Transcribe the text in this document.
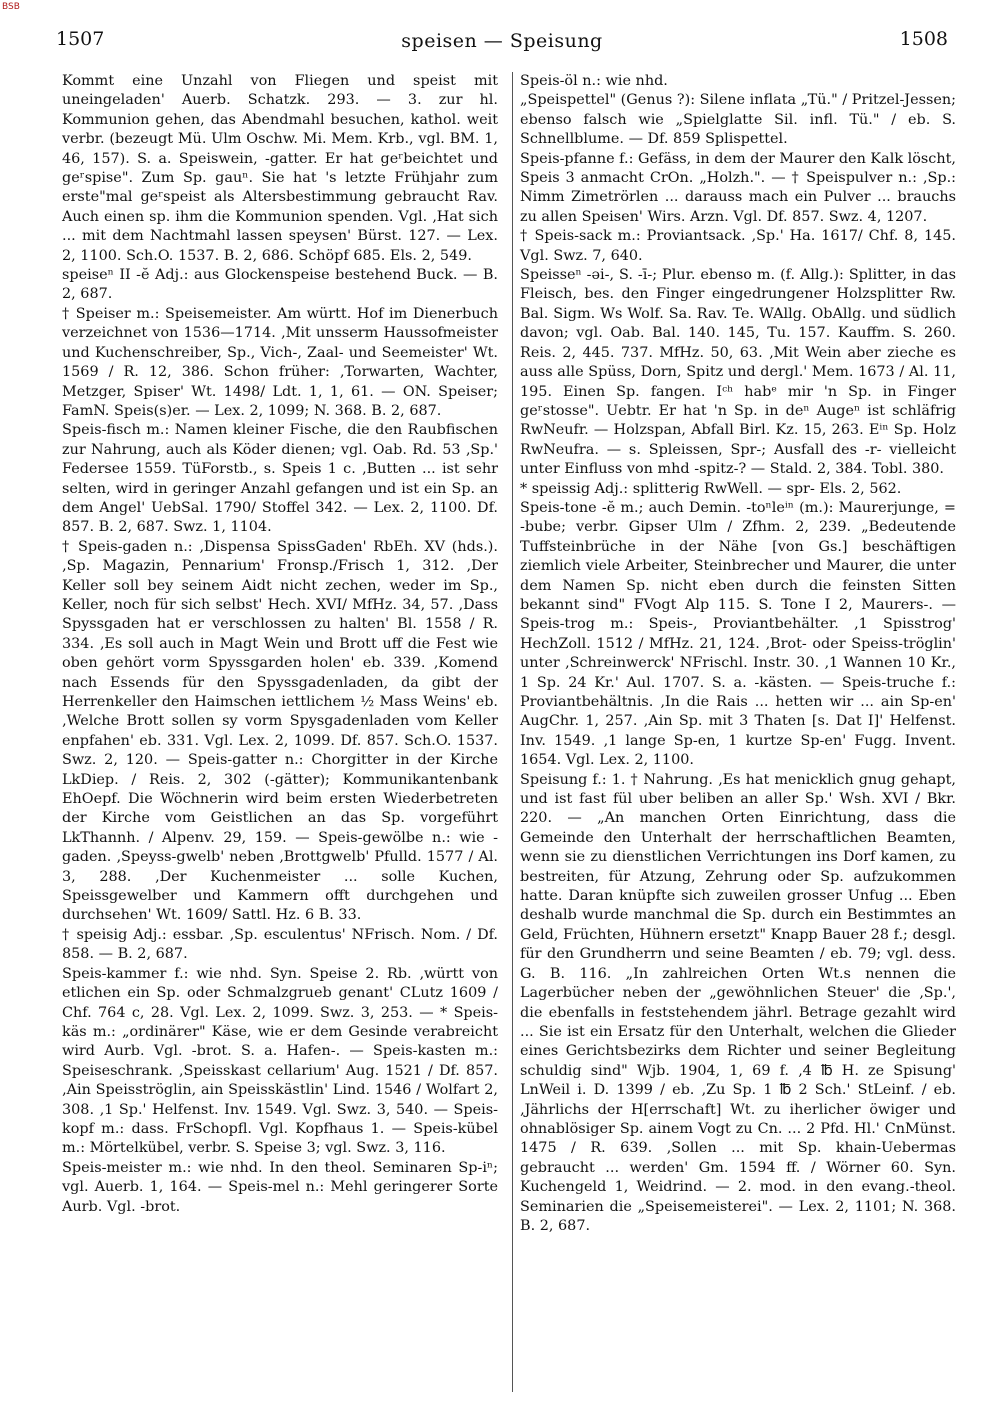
BSB
1507	speisen — Speisung	1508

Kommt eine Unzahl von Fliegen und speist mit uneingeladen' Auerb. Schatzk. 293. — 3. zur hl. Kommunion gehen, das Abendmahl besuchen, kathol. weit verbr. (bezeugt Mü. Ulm Oschw. Mi. Mem. Krb., vgl. BM. 1, 46, 157). S. a. Speiswein, -gatter. Er hat geʳbeichtet und geʳspise". Zum Sp. gauⁿ. Sie hat 's letzte Frühjahr zum erste"mal geʳspeist als Altersbestimmung gebraucht Rav. Auch einen sp. ihm die Kommunion spenden. Vgl. ‚Hat sich ... mit dem Nachtmahl lassen speysen' Bürst. 127. — Lex. 2, 1100. Sch.O. 1537. B. 2, 686. Schöpf 685. Els. 2, 549.

speiseⁿ II -ĕ Adj.: aus Glockenspeise bestehend Buck. — B. 2, 687.

† Speiser m.: Speisemeister. Am württ. Hof im Dienerbuch verzeichnet von 1536—1714. ‚Mit unsserm Haussofmeister und Kuchenschreiber, Sp., Vich-, Zaal- und Seemeister' Wt. 1569 / R. 12, 386. Schon früher: ‚Torwarten, Wachter, Metzger, Spiser' Wt. 1498/ Ldt. 1, 1, 61. — ON. Speiser; FamN. Speis(s)er. — Lex. 2, 1099; N. 368. B. 2, 687.

Speis-fisch m.: Namen kleiner Fische, die den Raubfischen zur Nahrung, auch als Köder dienen; vgl. Oab. Rd. 53 ‚Sp.' Federsee 1559. TüForstb., s. Speis 1 c. ‚Butten ... ist sehr selten, wird in geringer Anzahl gefangen und ist ein Sp. an dem Angel' UebSal. 1790/ Stoffel 342. — Lex. 2, 1100. Df. 857. B. 2, 687. Swz. 1, 1104.

† Speis-gaden n.: ‚Dispensa SpissGaden' RbEh. XV (hds.). ‚Sp. Magazin, Pennarium' Fronsp./Frisch 1, 312. ‚Der Keller soll bey seinem Aidt nicht zechen, weder im Sp., Keller, noch für sich selbst' Hech. XVI/ MfHz. 34, 57. ‚Dass Spyssgaden hat er verschlossen zu halten' Bl. 1558 / R. 334. ‚Es soll auch in Magt Wein und Brott uff die Fest wie oben gehört vorm Spyssgarden holen' eb. 339. ‚Komend nach Essends für den Spyssgadenladen, da gibt der Herrenkeller den Haimschen iettlichem ½ Mass Weins' eb. ‚Welche Brott sollen sy vorm Spysgadenladen vom Keller enpfahen' eb. 331. Vgl. Lex. 2, 1099. Df. 857. Sch.O. 1537. Swz. 2, 120. — Speis-gatter n.: Chorgitter in der Kirche LkDiep. / Reis. 2, 302 (-gätter); Kommunikantenbank EhOepf. Die Wöchnerin wird beim ersten Wiederbetreten der Kirche vom Geistlichen an das Sp. vorgeführt LkThannh. / Alpenv. 29, 159. — Speis-gewölbe n.: wie -gaden. ‚Speyss-gwelb' neben ‚Brottgwelb' Pfulld. 1577 / Al. 3, 288. ‚Der Kuchenmeister ... solle Kuchen, Speissgewelber und Kammern offt durchgehen und durchsehen' Wt. 1609/ Sattl. Hz. 6 B. 33.

† speisig Adj.: essbar. ‚Sp. esculentus' NFrisch. Nom. / Df. 858. — B. 2, 687.

Speis-kammer f.: wie nhd. Syn. Speise 2. Rb. ‚württ von etlichen ein Sp. oder Schmalzgrueb genant' CLutz 1609 / Chf. 764 c, 28. Vgl. Lex. 2, 1099. Swz. 3, 253. — * Speis-käs m.: „ordinärer" Käse, wie er dem Gesinde verabreicht wird Aurb. Vgl. -brot. S. a. Hafen-. — Speis-kasten m.: Speiseschrank. ‚Speisskast cellarium' Aug. 1521 / Df. 857. ‚Ain Speisströglin, ain Speisskästlin' Lind. 1546 / Wolfart 2, 308. ‚1 Sp.' Helfenst. Inv. 1549. Vgl. Swz. 3, 540. — Speis-kopf m.: dass. FrSchopfl. Vgl. Kopfhaus 1. — Speis-kübel m.: Mörtelkübel, verbr. S. Speise 3; vgl. Swz. 3, 116.

Speis-meister m.: wie nhd. In den theol. Seminaren Sp-iⁿ; vgl. Auerb. 1, 164. — Speis-mel n.: Mehl geringerer Sorte Aurb. Vgl. -brot.

Speis-öl n.: wie nhd.

„Speispettel" (Genus ?): Silene inflata „Tü." / Pritzel-Jessen; ebenso falsch wie „Spielglatte Sil. infl. Tü." / eb. S. Schnellblume. — Df. 859 Splispettel.

Speis-pfanne f.: Gefäss, in dem der Maurer den Kalk löscht, Speis 3 anmacht CrOn. „Holzh.". — † Speispulver n.: ‚Sp.: Nimm Zimetrörlen ... darauss mach ein Pulver ... brauchs zu allen Speisen' Wirs. Arzn. Vgl. Df. 857. Swz. 4, 1207.

† Speis-sack m.: Proviantsack. ‚Sp.' Ha. 1617/ Chf. 8, 145. Vgl. Swz. 7, 640.

Speisseⁿ -ǝi-, S. -ī-; Plur. ebenso m. (f. Allg.): Splitter, in das Fleisch, bes. den Finger eingedrungener Holzsplitter Rw. Bal. Sigm. Ws Wolf. Sa. Rav. Te. WAllg. ObAllg. und südlich davon; vgl. Oab. Bal. 140. 145, Tu. 157. Kauffm. S. 260. Reis. 2, 445. 737. MfHz. 50, 63. ‚Mit Wein aber zieche es auss alle Spüss, Dorn, Spitz und dergl.' Mem. 1673 / Al. 11, 195. Einen Sp. fangen. Iᶜʰ habᵉ mir 'n Sp. in Finger geʳstosse". Uebtr. Er hat 'n Sp. in deⁿ Augeⁿ ist schläfrig RwNeufr. — Holzspan, Abfall Birl. Kz. 15, 263. Eⁱⁿ Sp. Holz RwNeufra. — s. Spleissen, Spr-; Ausfall des -r- vielleicht unter Einfluss von mhd -spitz-? — Stald. 2, 384. Tobl. 380.

* speissig Adj.: splitterig RwWell. — spr- Els. 2, 562.

Speis-tone -ĕ m.; auch Demin. -toⁿleⁱⁿ (m.): Maurerjunge, = -bube; verbr. Gipser Ulm / Zfhm. 2, 239. „Bedeutende Tuffsteinbrüche in der Nähe [von Gs.] beschäftigen ziemlich viele Arbeiter, Steinbrecher und Maurer, die unter dem Namen Sp. nicht eben durch die feinsten Sitten bekannt sind" FVogt Alp 115. S. Tone I 2, Maurers-. — Speis-trog m.: Speis-, Proviantbehälter. ‚1 Spisstrog' HechZoll. 1512 / MfHz. 21, 124. ‚Brot- oder Speiss-tröglin' unter ‚Schreinwerck' NFrischl. Instr. 30. ‚1 Wannen 10 Kr., 1 Sp. 24 Kr.' Aul. 1707. S. a. -kästen. — Speis-truche f.: Proviantbehältnis. ‚In die Rais ... hetten wir ... ain Sp-en' AugChr. 1, 257. ‚Ain Sp. mit 3 Thaten [s. Dat I]' Helfenst. Inv. 1549. ‚1 lange Sp-en, 1 kurtze Sp-en' Fugg. Invent. 1654. Vgl. Lex. 2, 1100.

Speisung f.: 1. † Nahrung. ‚Es hat menicklich gnug gehapt, und ist fast fül uber beliben an aller Sp.' Wsh. XVI / Bkr. 220. — „An manchen Orten Einrichtung, dass die Gemeinde den Unterhalt der herrschaftlichen Beamten, wenn sie zu dienstlichen Verrichtungen ins Dorf kamen, zu bestreiten, für Atzung, Zehrung oder Sp. aufzukommen hatte. Daran knüpfte sich zuweilen grosser Unfug ... Eben deshalb wurde manchmal die Sp. durch ein Bestimmtes an Geld, Früchten, Hühnern ersetzt" Knapp Bauer 28 f.; desgl. für den Grundherrn und seine Beamten / eb. 79; vgl. dess. G. B. 116. „In zahlreichen Orten Wt.s nennen die Lagerbücher neben der „gewöhnlichen Steuer' die ‚Sp.', die ebenfalls in feststehendem jährl. Betrage gezahlt wird ... Sie ist ein Ersatz für den Unterhalt, welchen die Glieder eines Gerichtsbezirks dem Richter und seiner Begleitung schuldig sind" Wjb. 1904, 1, 69 f. ‚4 ℔ H. ze Spisung' LnWeil i. D. 1399 / eb. ‚Zu Sp. 1 ℔ 2 Sch.' StLeinf. / eb. ‚Jährlichs der H[errschaft] Wt. zu iherlicher öwiger und ohnablösiger Sp. ainem Vogt zu Cn. ... 2 Pfd. Hl.' CnMünst. 1475 / R. 639. ‚Sollen ... mit Sp. khain-Uebermas gebraucht ... werden' Gm. 1594 ff. / Wörner 60. Syn. Kuchengeld 1, Weidrind. — 2. mod. in den evang.-theol. Seminarien die „Speisemeisterei". — Lex. 2, 1101; N. 368. B. 2, 687.
